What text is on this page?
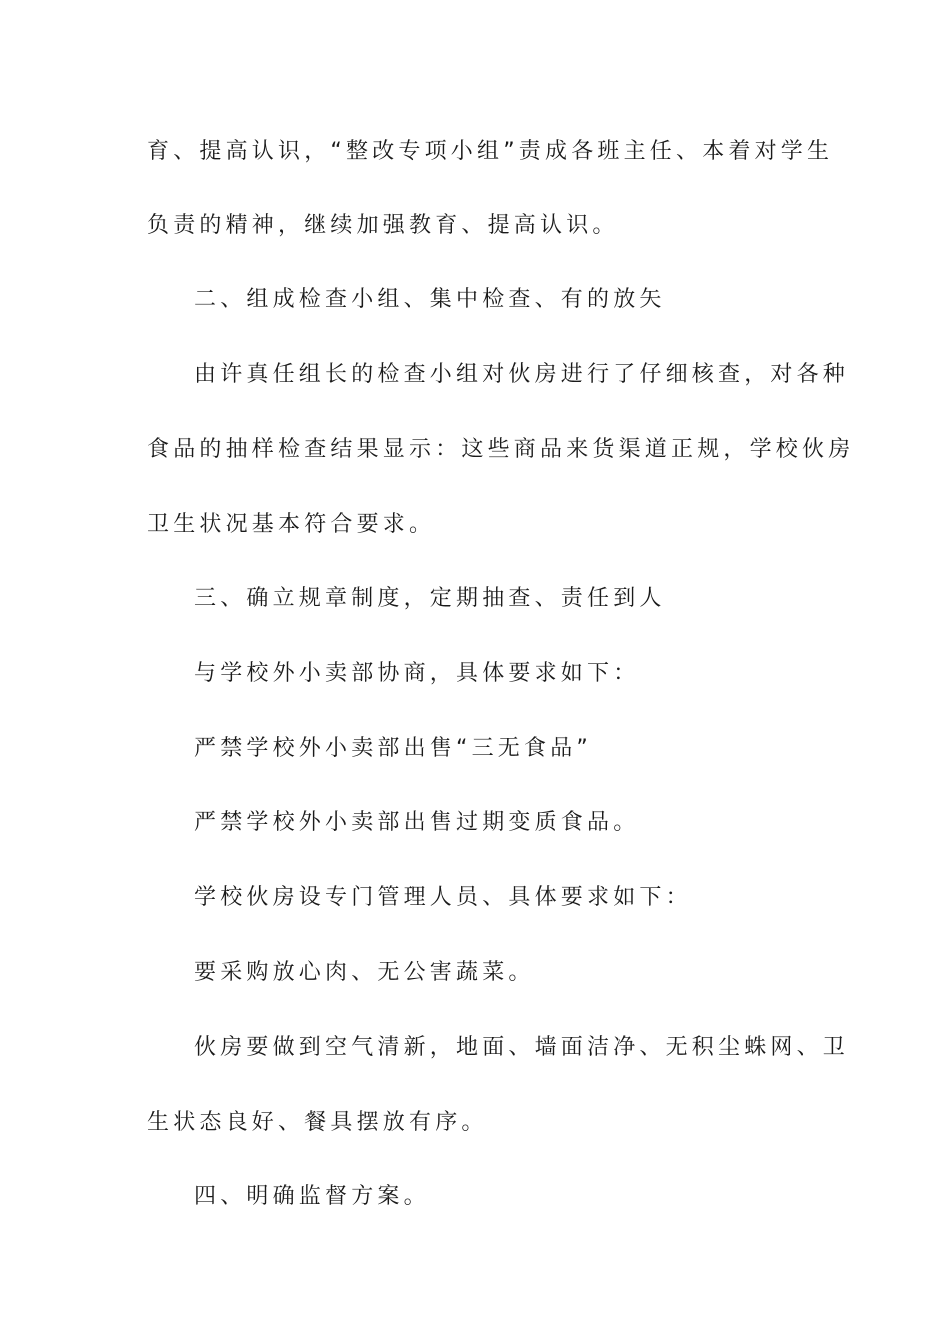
育、提高认识，“整改专项小组”责成各班主任、本着对学生
负责的精神，继续加强教育、提高认识。
二、组成检查小组、集中检查、有的放矢
由许真任组长的检查小组对伙房进行了仔细核查，对各种
食品的抽样检查结果显示：这些商品来货渠道正规，学校伙房
卫生状况基本符合要求。
三、确立规章制度，定期抽查、责任到人
与学校外小卖部协商，具体要求如下：
严禁学校外小卖部出售“三无食品”
严禁学校外小卖部出售过期变质食品。
学校伙房设专门管理人员、具体要求如下：
要采购放心肉、无公害蔬菜。
伙房要做到空气清新，地面、墙面洁净、无积尘蛛网、卫
生状态良好、餐具摆放有序。
四、明确监督方案。
